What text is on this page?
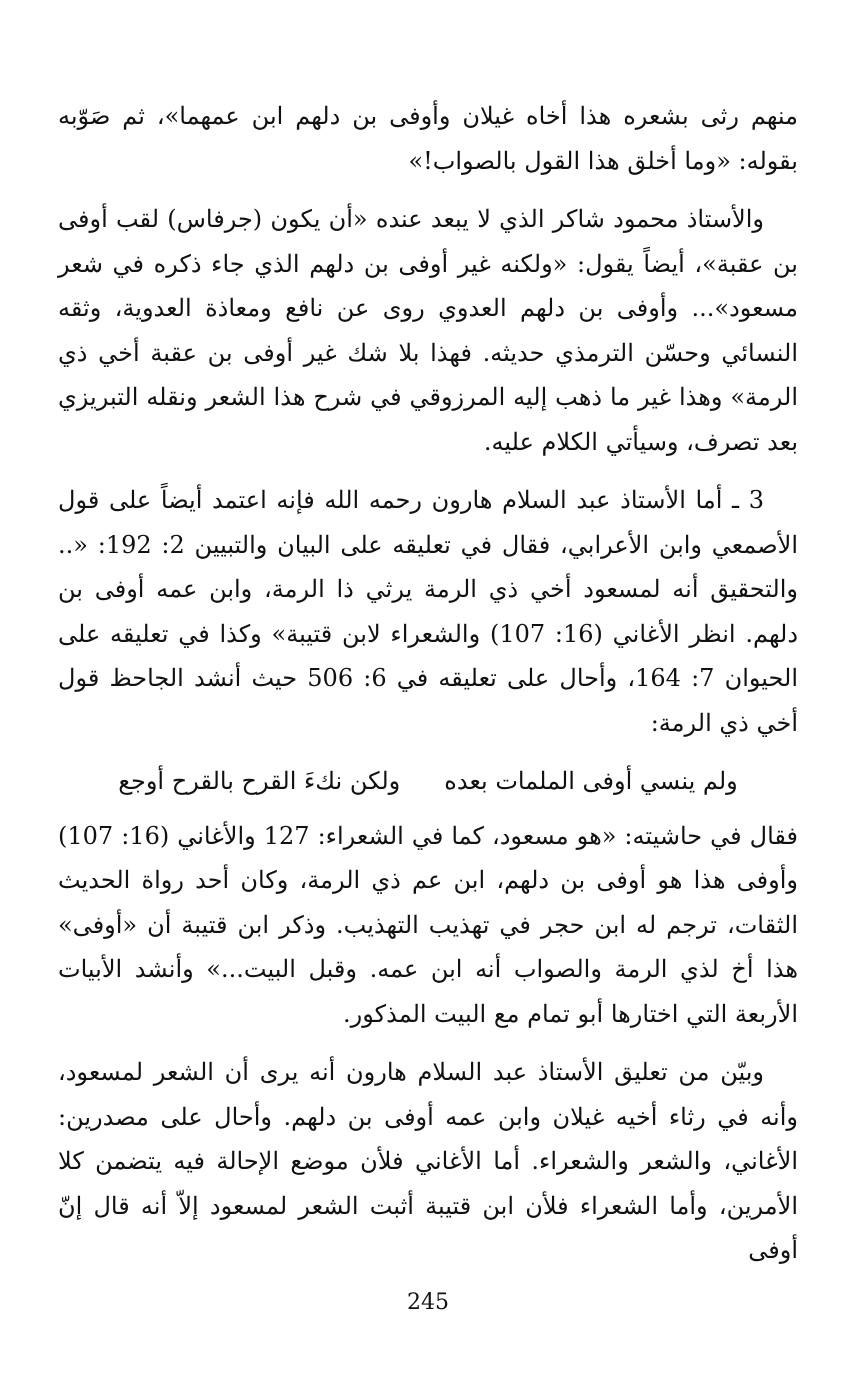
منهم رثى بشعره هذا أخاه غيلان وأوفى بن دلهم ابن عمهما»، ثم صَوّبه بقوله: «وما أخلق هذا القول بالصواب!»

والأستاذ محمود شاكر الذي لا يبعد عنده «أن يكون (جرفاس) لقب أوفى بن عقبة»، أيضاً يقول: «ولكنه غير أوفى بن دلهم الذي جاء ذكره في شعر مسعود»... وأوفى بن دلهم العدوي روى عن نافع ومعاذة العدوية، وثقه النسائي وحسّن الترمذي حديثه. فهذا بلا شك غير أوفى بن عقبة أخي ذي الرمة» وهذا غير ما ذهب إليه المرزوقي في شرح هذا الشعر ونقله التبريزي بعد تصرف، وسيأتي الكلام عليه.

3 ـ أما الأستاذ عبد السلام هارون رحمه الله فإنه اعتمد أيضاً على قول الأصمعي وابن الأعرابي، فقال في تعليقه على البيان والتبيين 2: 192: «.. والتحقيق أنه لمسعود أخي ذي الرمة يرثي ذا الرمة، وابن عمه أوفى بن دلهم. انظر الأغاني (16: 107) والشعراء لابن قتيبة» وكذا في تعليقه على الحيوان 7: 164، وأحال على تعليقه في 6: 506 حيث أنشد الجاحظ قول أخي ذي الرمة:

ولم ينسي أوفى الملمات بعده
ولكن نكءَ القرح بالقرح أوجع

فقال في حاشيته: «هو مسعود، كما في الشعراء: 127 والأغاني (16: 107) وأوفى هذا هو أوفى بن دلهم، ابن عم ذي الرمة، وكان أحد رواة الحديث الثقات، ترجم له ابن حجر في تهذيب التهذيب. وذكر ابن قتيبة أن «أوفى» هذا أخ لذي الرمة والصواب أنه ابن عمه. وقبل البيت...» وأنشد الأبيات الأربعة التي اختارها أبو تمام مع البيت المذكور.

وبيّن من تعليق الأستاذ عبد السلام هارون أنه يرى أن الشعر لمسعود، وأنه في رثاء أخيه غيلان وابن عمه أوفى بن دلهم. وأحال على مصدرين: الأغاني، والشعر والشعراء. أما الأغاني فلأن موضع الإحالة فيه يتضمن كلا الأمرين، وأما الشعراء فلأن ابن قتيبة أثبت الشعر لمسعود إلاّ أنه قال إنّ أوفى

245
